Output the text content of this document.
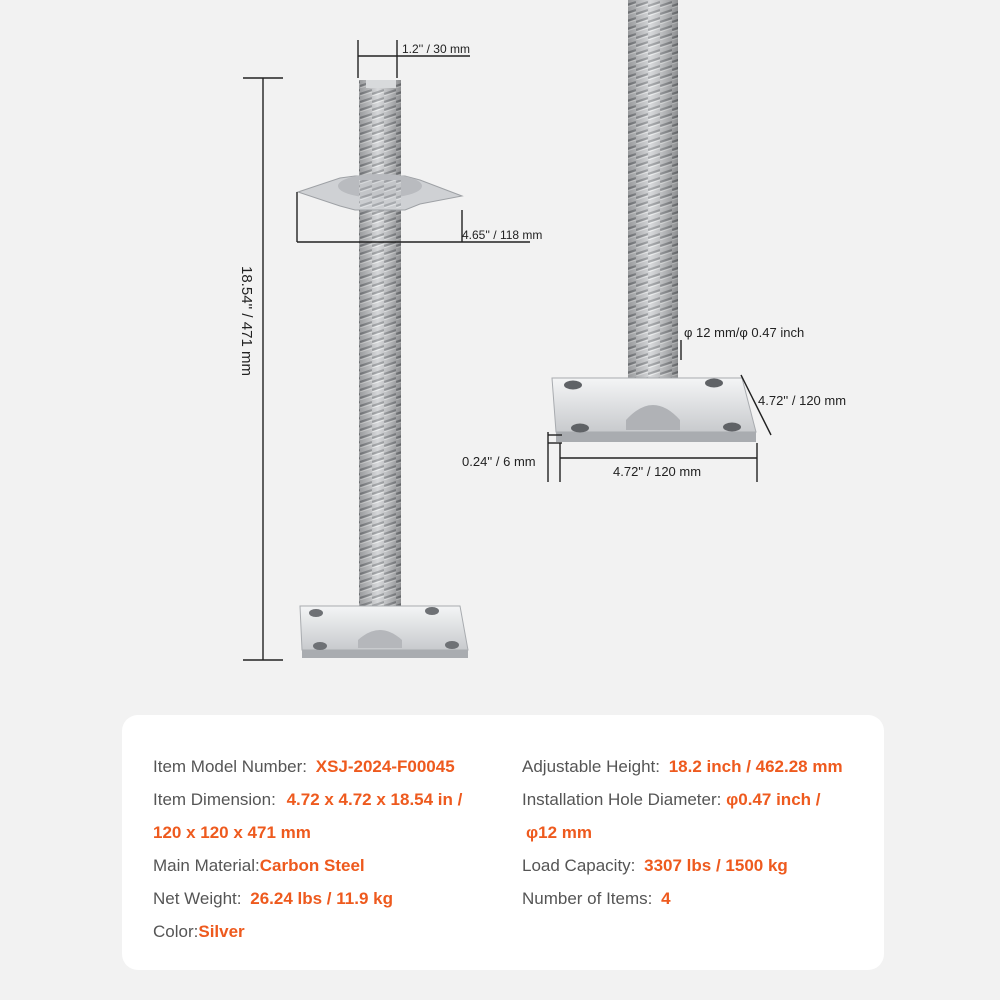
1.2'' / 30 mm
18.54'' / 471 mm
4.65'' / 118 mm
φ 12 mm/φ 0.47 inch
4.72'' / 120 mm
0.24'' / 6 mm
4.72'' / 120 mm
Item Model Number: XSJ-2024-F00045
Item Dimension: 4.72 x 4.72 x 18.54 in /
120 x 120 x 471 mm
Main Material:Carbon Steel
Net Weight: 26.24 lbs / 11.9 kg
Color:Silver
Adjustable Height: 18.2 inch / 462.28 mm
Installation Hole Diameter: φ0.47 inch /
φ12 mm
Load Capacity: 3307 lbs / 1500 kg
Number of Items: 4
